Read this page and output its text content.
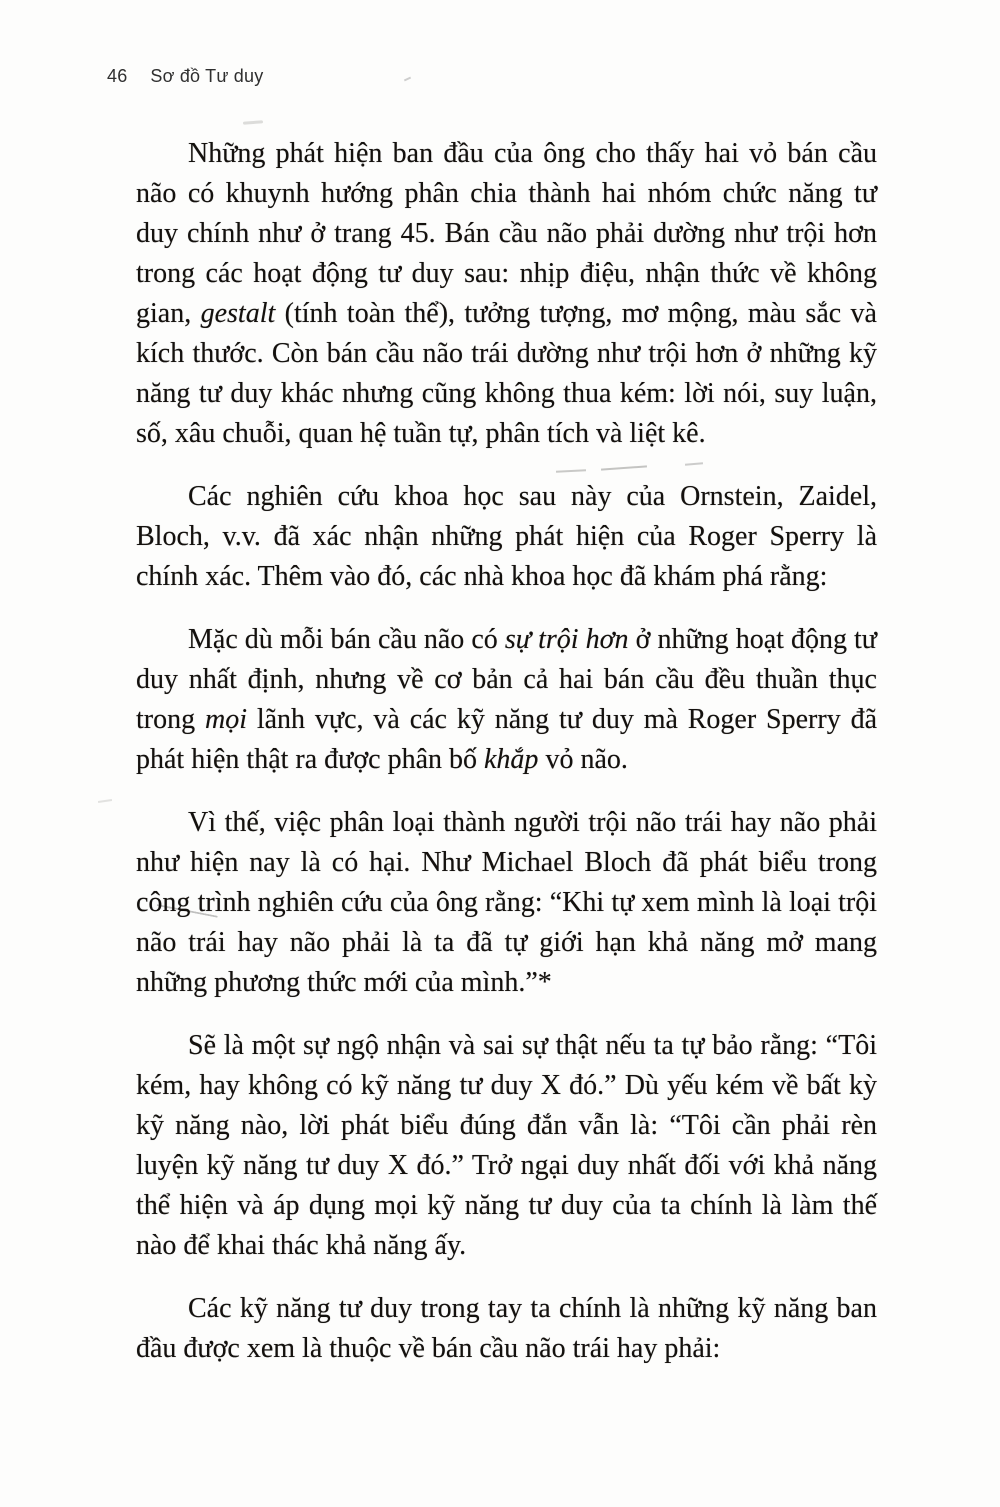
46 Sơ đồ Tư duy

Những phát hiện ban đầu của ông cho thấy hai vỏ bán cầu não có khuynh hướng phân chia thành hai nhóm chức năng tư duy chính như ở trang 45. Bán cầu não phải dường như trội hơn trong các hoạt động tư duy sau: nhịp điệu, nhận thức về không gian, gestalt (tính toàn thể), tưởng tượng, mơ mộng, màu sắc và kích thước. Còn bán cầu não trái dường như trội hơn ở những kỹ năng tư duy khác nhưng cũng không thua kém: lời nói, suy luận, số, xâu chuỗi, quan hệ tuần tự, phân tích và liệt kê.

Các nghiên cứu khoa học sau này của Ornstein, Zaidel, Bloch, v.v. đã xác nhận những phát hiện của Roger Sperry là chính xác. Thêm vào đó, các nhà khoa học đã khám phá rằng:

Mặc dù mỗi bán cầu não có sự trội hơn ở những hoạt động tư duy nhất định, nhưng về cơ bản cả hai bán cầu đều thuần thục trong mọi lãnh vực, và các kỹ năng tư duy mà Roger Sperry đã phát hiện thật ra được phân bố khắp vỏ não.

Vì thế, việc phân loại thành người trội não trái hay não phải như hiện nay là có hại. Như Michael Bloch đã phát biểu trong công trình nghiên cứu của ông rằng: “Khi tự xem mình là loại trội não trái hay não phải là ta đã tự giới hạn khả năng mở mang những phương thức mới của mình.”*

Sẽ là một sự ngộ nhận và sai sự thật nếu ta tự bảo rằng: “Tôi kém, hay không có kỹ năng tư duy X đó.” Dù yếu kém về bất kỳ kỹ năng nào, lời phát biểu đúng đắn vẫn là: “Tôi cần phải rèn luyện kỹ năng tư duy X đó.” Trở ngại duy nhất đối với khả năng thể hiện và áp dụng mọi kỹ năng tư duy của ta chính là làm thế nào để khai thác khả năng ấy.

Các kỹ năng tư duy trong tay ta chính là những kỹ năng ban đầu được xem là thuộc về bán cầu não trái hay phải:
